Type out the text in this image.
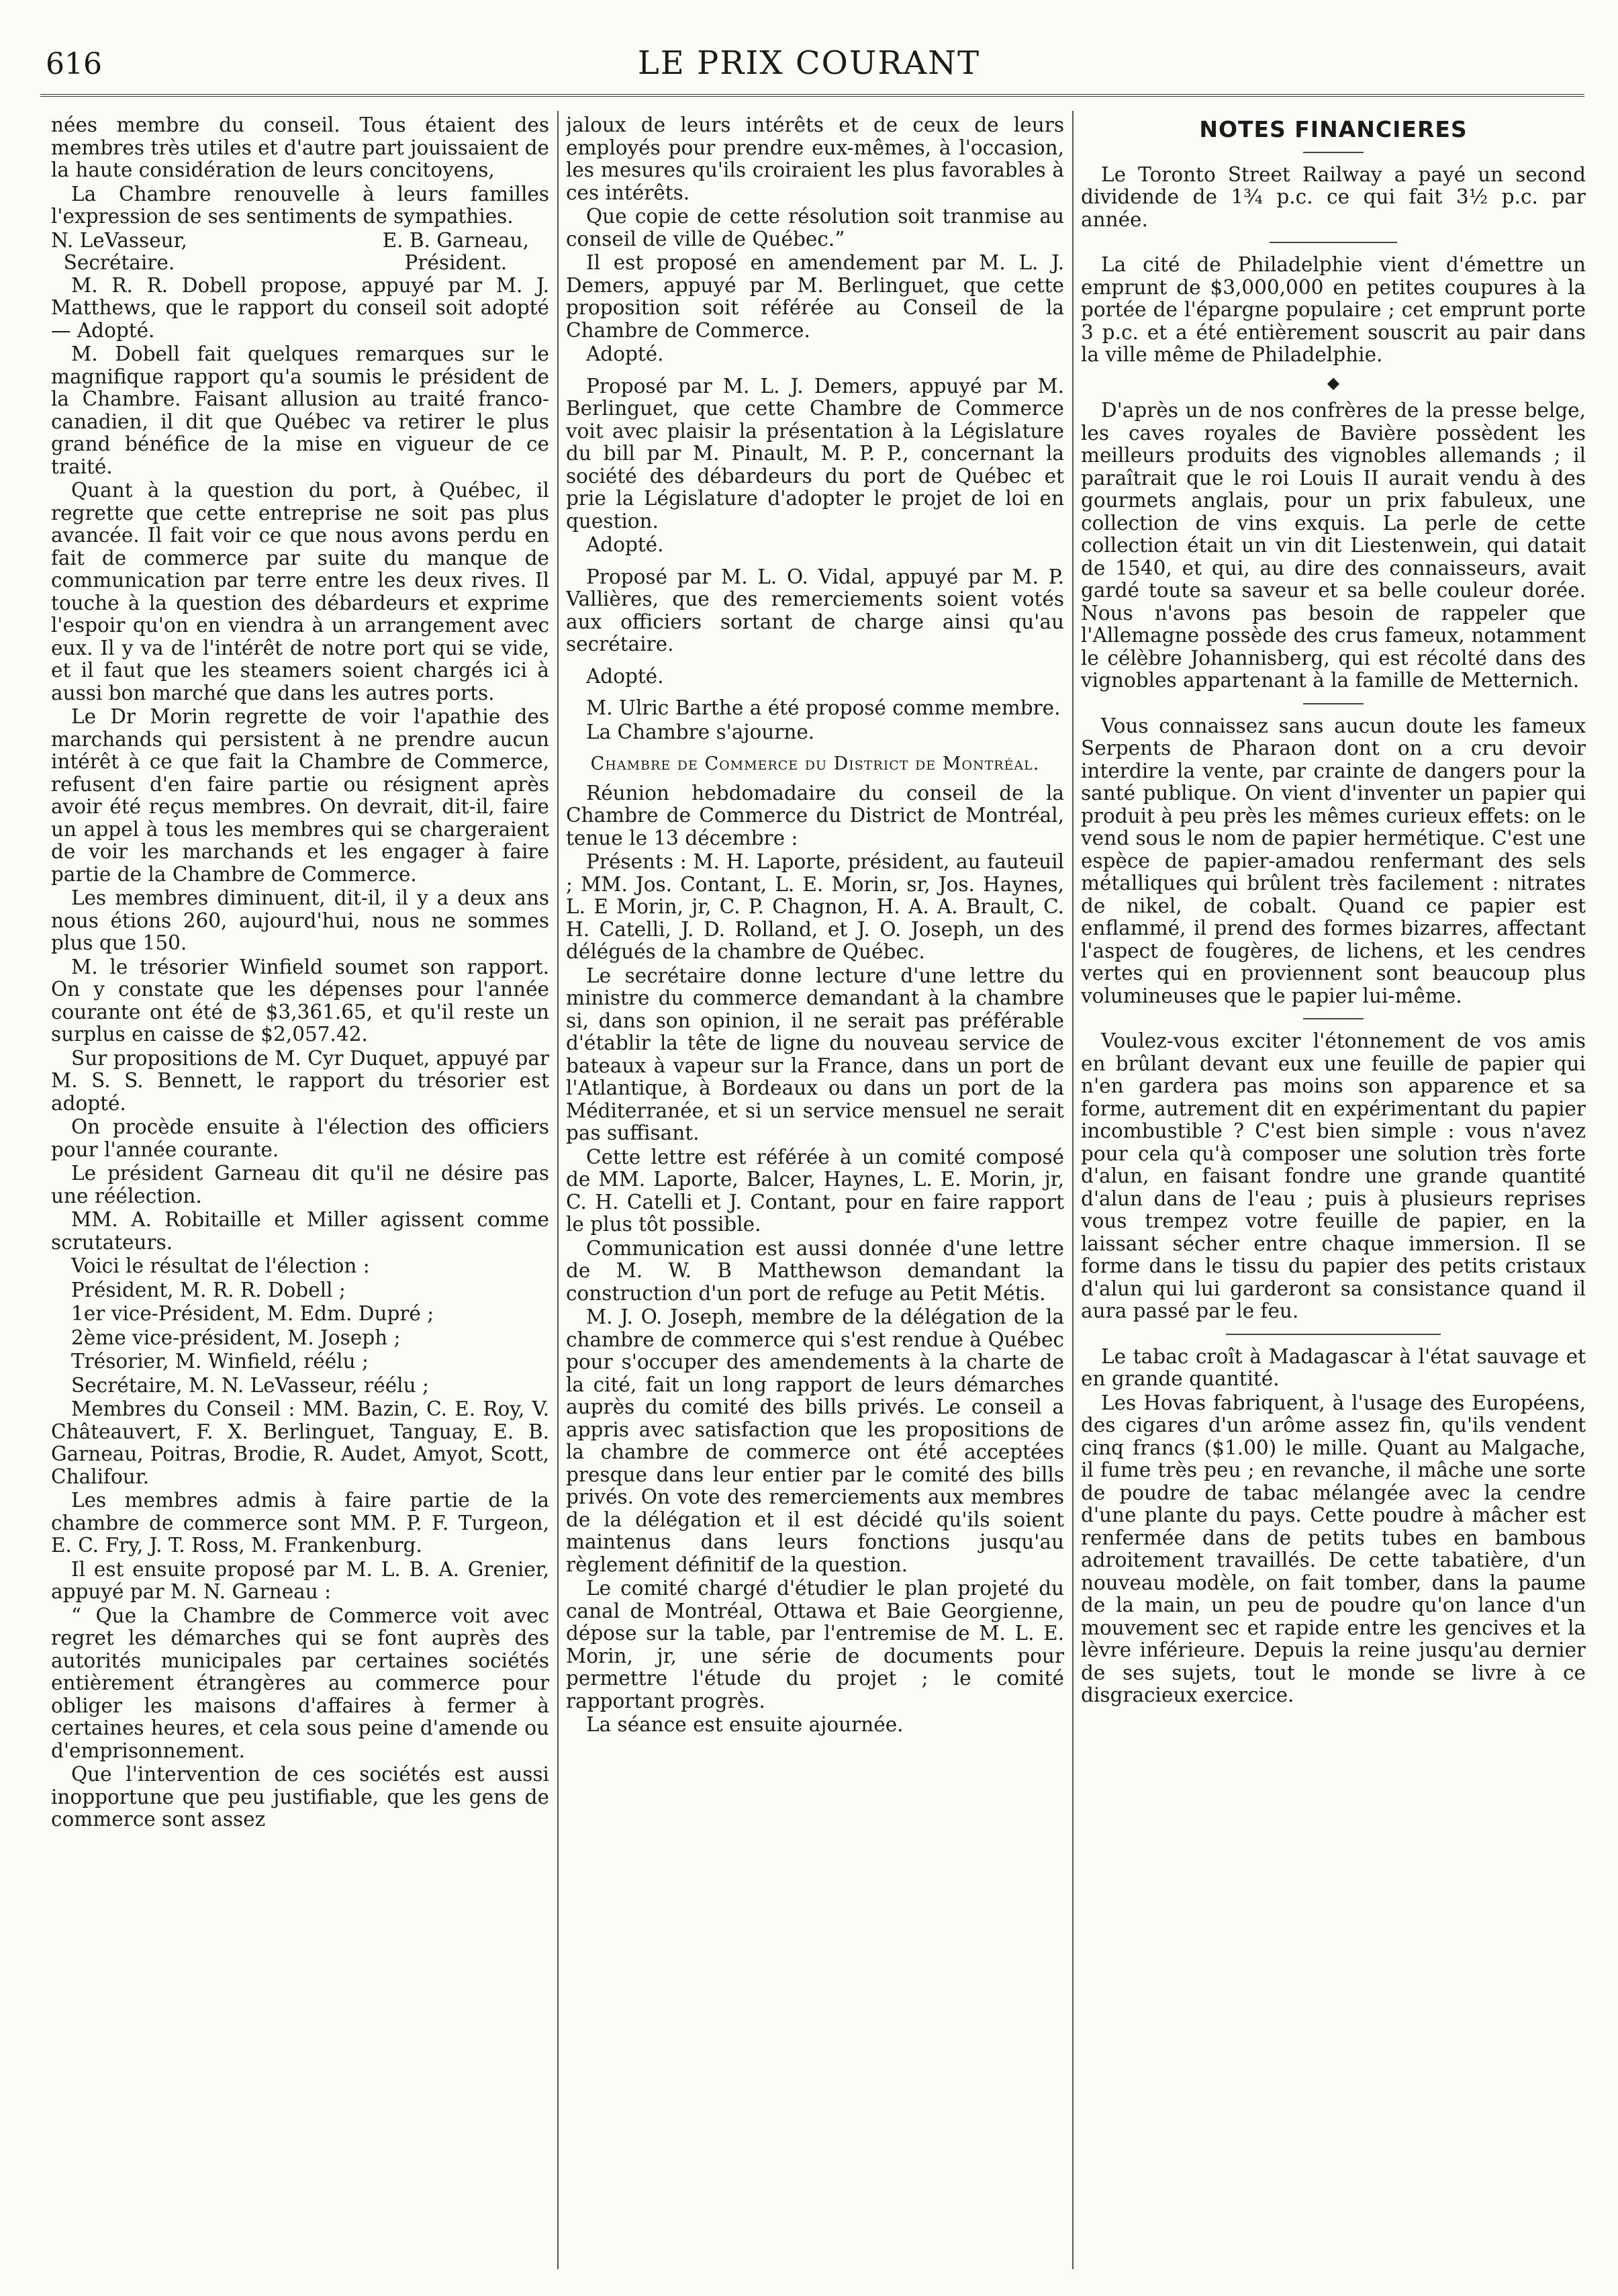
616	LE PRIX COURANT

nées membre du conseil. Tous étaient des membres très utiles et d'autre part jouissaient de la haute considération de leurs concitoyens,

La Chambre renouvelle à leurs familles l'expression de ses sentiments de sympathies.

N. LeVasseur,
Secrétaire.
E. B. Garneau,
Président.

M. R. R. Dobell propose, appuyé par M. J. Matthews, que le rapport du conseil soit adopté — Adopté.

M. Dobell fait quelques remarques sur le magnifique rapport qu'a soumis le président de la Chambre. Faisant allusion au traité franco-canadien, il dit que Québec va retirer le plus grand bénéfice de la mise en vigueur de ce traité.

Quant à la question du port, à Québec, il regrette que cette entreprise ne soit pas plus avancée. Il fait voir ce que nous avons perdu en fait de commerce par suite du manque de communication par terre entre les deux rives. Il touche à la question des débardeurs et exprime l'espoir qu'on en viendra à un arrangement avec eux. Il y va de l'intérêt de notre port qui se vide, et il faut que les steamers soient chargés ici à aussi bon marché que dans les autres ports.

Le Dr Morin regrette de voir l'apathie des marchands qui persistent à ne prendre aucun intérêt à ce que fait la Chambre de Commerce, refusent d'en faire partie ou résignent après avoir été reçus membres. On devrait, dit-il, faire un appel à tous les membres qui se chargeraient de voir les marchands et les engager à faire partie de la Chambre de Commerce.

Les membres diminuent, dit-il, il y a deux ans nous étions 260, aujourd'hui, nous ne sommes plus que 150.

M. le trésorier Winfield soumet son rapport. On y constate que les dépenses pour l'année courante ont été de $3,361.65, et qu'il reste un surplus en caisse de $2,057.42.

Sur propositions de M. Cyr Duquet, appuyé par M. S. S. Bennett, le rapport du trésorier est adopté.

On procède ensuite à l'élection des officiers pour l'année courante.

Le président Garneau dit qu'il ne désire pas une réélection.

MM. A. Robitaille et Miller agissent comme scrutateurs.

Voici le résultat de l'élection :

Président, M. R. R. Dobell ;

1er vice-Président, M. Edm. Dupré ;

2ème vice-président, M. Joseph ;

Trésorier, M. Winfield, réélu ;

Secrétaire, M. N. LeVasseur, réélu ;

Membres du Conseil : MM. Bazin, C. E. Roy, V. Châteauvert, F. X. Berlinguet, Tanguay, E. B. Garneau, Poitras, Brodie, R. Audet, Amyot, Scott, Chalifour.

Les membres admis à faire partie de la chambre de commerce sont MM. P. F. Turgeon, E. C. Fry, J. T. Ross, M. Frankenburg.

Il est ensuite proposé par M. L. B. A. Grenier, appuyé par M. N. Garneau :

“ Que la Chambre de Commerce voit avec regret les démarches qui se font auprès des autorités municipales par certaines sociétés entièrement étrangères au commerce pour obliger les maisons d'affaires à fermer à certaines heures, et cela sous peine d'amende ou d'emprisonnement.

Que l'intervention de ces sociétés est aussi inopportune que peu justifiable, que les gens de commerce sont assez

jaloux de leurs intérêts et de ceux de leurs employés pour prendre eux-mêmes, à l'occasion, les mesures qu'ils croiraient les plus favorables à ces intérêts.

Que copie de cette résolution soit tranmise au conseil de ville de Québec.”

Il est proposé en amendement par M. L. J. Demers, appuyé par M. Berlinguet, que cette proposition soit référée au Conseil de la Chambre de Commerce.

Adopté.

Proposé par M. L. J. Demers, appuyé par M. Berlinguet, que cette Chambre de Commerce voit avec plaisir la présentation à la Législature du bill par M. Pinault, M. P. P., concernant la société des débardeurs du port de Québec et prie la Législature d'adopter le projet de loi en question.

Adopté.

Proposé par M. L. O. Vidal, appuyé par M. P. Vallières, que des remerciements soient votés aux officiers sortant de charge ainsi qu'au secrétaire.

Adopté.

M. Ulric Barthe a été proposé comme membre.

La Chambre s'ajourne.

Chambre de Commerce du District de Montréal.

Réunion hebdomadaire du conseil de la Chambre de Commerce du District de Montréal, tenue le 13 décembre :

Présents : M. H. Laporte, président, au fauteuil ; MM. Jos. Contant, L. E. Morin, sr, Jos. Haynes, L. E Morin, jr, C. P. Chagnon, H. A. A. Brault, C. H. Catelli, J. D. Rolland, et J. O. Joseph, un des délégués de la chambre de Québec.

Le secrétaire donne lecture d'une lettre du ministre du commerce demandant à la chambre si, dans son opinion, il ne serait pas préférable d'établir la tête de ligne du nouveau service de bateaux à vapeur sur la France, dans un port de l'Atlantique, à Bordeaux ou dans un port de la Méditerranée, et si un service mensuel ne serait pas suffisant.

Cette lettre est référée à un comité composé de MM. Laporte, Balcer, Haynes, L. E. Morin, jr, C. H. Catelli et J. Contant, pour en faire rapport le plus tôt possible.

Communication est aussi donnée d'une lettre de M. W. B Matthewson demandant la construction d'un port de refuge au Petit Métis.

M. J. O. Joseph, membre de la délégation de la chambre de commerce qui s'est rendue à Québec pour s'occuper des amendements à la charte de la cité, fait un long rapport de leurs démarches auprès du comité des bills privés. Le conseil a appris avec satisfaction que les propositions de la chambre de commerce ont été acceptées presque dans leur entier par le comité des bills privés. On vote des remerciements aux membres de la délégation et il est décidé qu'ils soient maintenus dans leurs fonctions jusqu'au règlement définitif de la question.

Le comité chargé d'étudier le plan projeté du canal de Montréal, Ottawa et Baie Georgienne, dépose sur la table, par l'entremise de M. L. E. Morin, jr, une série de documents pour permettre l'étude du projet ; le comité rapportant progrès.

La séance est ensuite ajournée.

NOTES FINANCIERES

Le Toronto Street Railway a payé un second dividende de 1¾ p.c. ce qui fait 3½ p.c. par année.

La cité de Philadelphie vient d'émettre un emprunt de $3,000,000 en petites coupures à la portée de l'épargne populaire ; cet emprunt porte 3 p.c. et a été entièrement souscrit au pair dans la ville même de Philadelphie.

◆

D'après un de nos confrères de la presse belge, les caves royales de Bavière possèdent les meilleurs produits des vignobles allemands ; il paraîtrait que le roi Louis II aurait vendu à des gourmets anglais, pour un prix fabuleux, une collection de vins exquis. La perle de cette collection était un vin dit Liestenwein, qui datait de 1540, et qui, au dire des connaisseurs, avait gardé toute sa saveur et sa belle couleur dorée. Nous n'avons pas besoin de rappeler que l'Allemagne possède des crus fameux, notamment le célèbre Johannisberg, qui est récolté dans des vignobles appartenant à la famille de Metternich.

Vous connaissez sans aucun doute les fameux Serpents de Pharaon dont on a cru devoir interdire la vente, par crainte de dangers pour la santé publique. On vient d'inventer un papier qui produit à peu près les mêmes curieux effets: on le vend sous le nom de papier hermétique. C'est une espèce de papier-amadou renfermant des sels métalliques qui brûlent très facilement : nitrates de nikel, de cobalt. Quand ce papier est enflammé, il prend des formes bizarres, affectant l'aspect de fougères, de lichens, et les cendres vertes qui en proviennent sont beaucoup plus volumineuses que le papier lui-même.

Voulez-vous exciter l'étonnement de vos amis en brûlant devant eux une feuille de papier qui n'en gardera pas moins son apparence et sa forme, autrement dit en expérimentant du papier incombustible ? C'est bien simple : vous n'avez pour cela qu'à composer une solution très forte d'alun, en faisant fondre une grande quantité d'alun dans de l'eau ; puis à plusieurs reprises vous trempez votre feuille de papier, en la laissant sécher entre chaque immersion. Il se forme dans le tissu du papier des petits cristaux d'alun qui lui garderont sa consistance quand il aura passé par le feu.

Le tabac croît à Madagascar à l'état sauvage et en grande quantité.

Les Hovas fabriquent, à l'usage des Européens, des cigares d'un arôme assez fin, qu'ils vendent cinq francs ($1.00) le mille. Quant au Malgache, il fume très peu ; en revanche, il mâche une sorte de poudre de tabac mélangée avec la cendre d'une plante du pays. Cette poudre à mâcher est renfermée dans de petits tubes en bambous adroitement travaillés. De cette tabatière, d'un nouveau modèle, on fait tomber, dans la paume de la main, un peu de poudre qu'on lance d'un mouvement sec et rapide entre les gencives et la lèvre inférieure. Depuis la reine jusqu'au dernier de ses sujets, tout le monde se livre à ce disgracieux exercice.
